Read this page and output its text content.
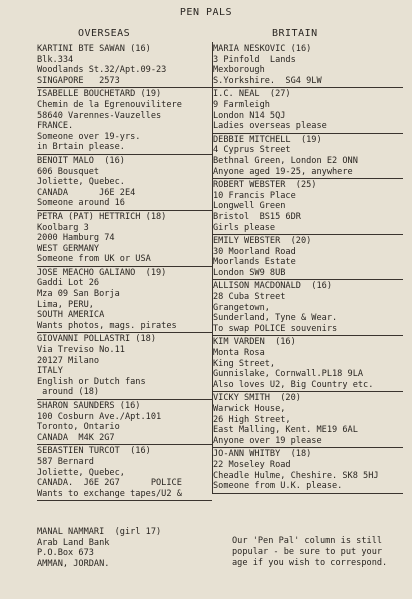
PEN PALS
OVERSEAS	BRITAIN
KARTINI BTE SAWAN (16)
Blk.334
Woodlands St.32/Apt.09-23
SINGAPORE   2573
ISABELLE BOUCHETARD (19)
Chemin de la Egrenouvilitere
58640 Varennes-Vauzelles
FRANCE.
Someone over 19-yrs.
in Brtain please.
BENOIT MALO  (16)
606 Bousquet
Joliette, Quebec.
CANADA      J6E 2E4
Someone around 16
PETRA (PAT) HETTRICH (18)
Koolbarg 3
2000 Hamburg 74
WEST GERMANY
Someone from UK or USA
JOSE MEACHO GALIANO  (19)
Gaddi Lot 26
Mza 09 San Borja
Lima, PERU,
SOUTH AMERICA
Wants photos, mags. pirates
GIOVANNI POLLASTRI (18)
Via Treviso No.11
20127 Milano
ITALY
English or Dutch fans
around (18)
SHARON SAUNDERS (16)
100 Cosburn Ave./Apt.101
Toronto, Ontario
CANADA  M4K 2G7
SEBASTIEN TURCOT  (16)
587 Bernard
Joliette, Quebec,
CANADA.  J6E 2G7      POLICE
Wants to exchange tapes/U2 &
MARIA NESKOVIC (16)
3 Pinfold  Lands
Mexborough
S.Yorkshire.  SG4 9LW
I.C. NEAL  (27)
9 Farmleigh
London N14 5QJ
Ladies overseas please
DEBBIE MITCHELL  (19)
4 Cyprus Street
Bethnal Green, London E2 ONN
Anyone aged 19-25, anywhere
ROBERT WEBSTER  (25)
10 Francis Place
Longwell Green
Bristol  BS15 6DR
Girls please
EMILY WEBSTER  (20)
30 Moorland Road
Moorlands Estate
London SW9 8UB
ALLISON MACDONALD  (16)
28 Cuba Street
Grangetown,
Sunderland, Tyne & Wear.
To swap POLICE souvenirs
KIM VARDEN  (16)
Monta Rosa
King Street,
Gunnislake, Cornwall.PL18 9LA
Also loves U2, Big Country etc.
VICKY SMITH  (20)
Warwick House,
26 High Street,
East Malling, Kent. ME19 6AL
Anyone over 19 please
JO-ANN WHITBY  (18)
22 Moseley Road
Cheadle Hulme, Cheshire. SK8 5HJ
Someone from U.K. please.
MANAL NAMMARI  (girl 17)
Arab Land Bank
P.O.Box 673
AMMAN, JORDAN.
Our 'Pen Pal' column is still
popular - be sure to put your
age if you wish to correspond.
